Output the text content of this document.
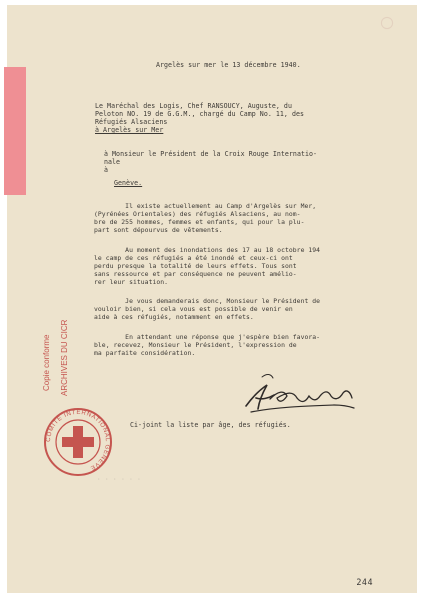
Argelès sur mer le 13 décembre 1940.
Le Maréchal des Logis, Chef RANSOUCY, Auguste, du
Peloton NO. 19 de G.G.M., chargé du Camp No. 11, des
Réfugiés Alsaciens
à Argelès sur Mer
à Monsieur le Président de la Croix Rouge Internatio-
nale
à
Genève.
Il existe actuellement au Camp d'Argelès sur Mer,
(Pyrénées Orientales) des réfugiés Alsaciens, au nom-
bre de 255 hommes, femmes et enfants, qui pour la plu-
part sont dépourvus de vêtements.
Au moment des inondations des 17 au 18 octobre 194
le camp de ces réfugiés a été inondé et ceux-ci ont
perdu presque la totalité de leurs effets. Tous sont
sans ressource et par conséquence ne peuvent amélio-
rer leur situation.
Je vous demanderais donc, Monsieur le Président de
vouloir bien, si cela vous est possible de venir en
aide à ces réfugiés, notamment en effets.
En attendant une réponse que j'espère bien favora-
ble, recevez, Monsieur le Président, l'expression de
ma parfaite considération.
Ci-joint la liste par âge, des réfugiés.
Copie conforme ARCHIVES DU CICR
COMITE INTERNATIONAL GENEVE
· · · · · ·
244
